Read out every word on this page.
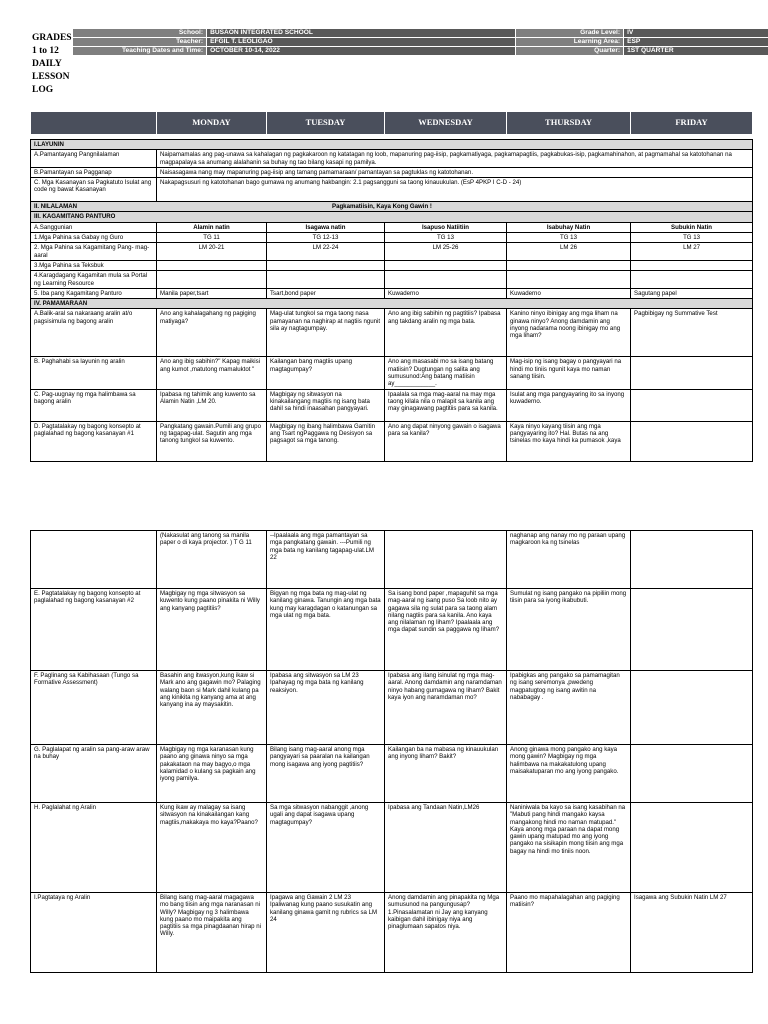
GRADES 1 to 12
DAILY LESSON LOG
School:	BUSAON INTEGRATED SCHOOL	Grade Level:	IV
Teacher:	EFGIL T. LEOLIGAO	Learning Area:	ESP
Teaching Dates and Time:	OCTOBER 10-14, 2022	Quarter:	1ST QUARTER
	MONDAY	TUESDAY	WEDNESDAY	THURSDAY	FRIDAY
I.LAYUNIN					
A.Pamantayang Pangnilalaman	Naipamamalas ang pag-unawa sa kahalagan ng pagkakaroon ng katatagan ng loob, mapanuring pag-iisip, pagkamatiyaga, pagkamapagtiis, pagkabukas-isip, pagkamahinahon, at pagmamahal sa katotohanan na magpapalaya sa anumang alalahanin sa buhay ng tao bilang kasapi ng pamilya.				
B.Pamantayan sa Pagganap	Naisasagawa nang may mapanuring pag-iisip ang tamang pamamaraan/ pamantayan sa pagtuklas ng katotohanan.				
C. Mga Kasanayan sa Pagkatuto Isulat ang code ng bawat Kasanayan	Nakapagsusuri ng katotohanan bago gumawa ng anumang hakbangin: 2.1 pagsangguni sa taong kinauukulan. (EsP 4PKP I C-D - 24)				
II. NILALAMAN Pagkamatiisin, Kaya Kong Gawin !					
III. KAGAMITANG PANTURO					
A.Sanggunian	Alamin natin	Isagawa natin	Isapuso Natiitiin	Isabuhay Natin	Subukin Natin
1.Mga Pahina sa Gabay ng Guro	TG 11	TG 12-13	TG 13	TG 13	TG 13
2. Mga Pahina sa Kagamitang Pang- mag-aaral	LM 20-21	LM 22-24	LM 25-26	LM 26	LM 27
3.Mga Pahina sa Teksbuk					
4.Karagdagang Kagamitan mula sa Portal ng Learning Resource					
5. Iba pang Kagamitang Panturo	Manila paper,tsart	Tsart,bond paper	Kuwaderno	Kuwaderno	Sagutang papel
IV. PAMAMARAAN					
A.Balik-aral sa nakaraang aralin at/o pagsisimula ng bagong aralin	Ano ang kahalagahang ng pagiging matiyaga?	Mag-ulat tungkol sa mga taong nasa pamayanan na naghirap at nagtiis ngunit sila ay nagtagumpay.	Ano ang ibig sabihin ng pagtitiis? Ipabasa ang takdang aralin ng mga bata.	Kanino ninyo ibinigay ang mga liham na ginawa ninyo? Anong damdamin ang inyong nadarama noong ibinigay mo ang mga liham?	Pagbibigay ng Summative Test
B. Paghahabi sa layunin ng aralin	Ano ang ibig sabihin?" Kapag maikisi ang kumot ,matutong mamaluktot "	Kailangan bang magtiis upang magtagumpay?	Ano ang masasabi mo sa isang batang matiisin? Dugtungan ng salita ang sumusunod:Ang batang matiisin ay____________.	Mag-isip ng isang bagay o pangyayari na hindi mo tiniis ngunit kaya mo naman sanang tiisin.	
C. Pag-uugnay ng mga halimbawa sa bagong aralin	Ipabasa ng tahimik ang kuwento sa Alamin Natin ,LM 20.	Magbigay ng sitwasyon na kinakailangang magtiis ng isang bata dahil sa hindi inaasahan pangyayari.	Ipaalala sa mga mag-aaral na may mga taong kilala nila o malapit sa kanila ang may ginagawang pagtitiis para sa kanila.	Isulat ang mga pangyayaring ito sa inyong kuwaderno.	
D. Pagtatalakay ng bagong konsepto at paglalahad ng bagong kasanayan #1	Pangkatang gawain.Pumili ang grupo ng tagapag-ulat. Sagutin ang mga tanong tungkol sa kuwento.	Magbigay ng ibang halimbawa Gamitin ang Tsart ngPaggawa ng Desisyon sa pagsagot sa mga tanong.	Ano ang dapat ninyong gawain o isagawa para sa kanila?	Kaya ninyo kayang tiisin ang mga pangyayaring ito? Hal. Butas na ang tsinelas mo kaya hindi ka pumasok ,kaya	
	(Nakasulat ang tanong sa manila paper o di kaya projector. ) T G 11	--Ipaalaala ang mga pamantayan sa mga pangkatang gawain. ---Pumili ng mga bata ng kanilang tagapag-ulat.LM 22		naghanap ang nanay mo ng paraan upang magkaroon ka ng tsinelas	
E. Pagtatalakay ng bagong konsepto at paglalahad ng bagong kasanayan #2	Magbigay ng mga sitwasyon sa kuwento kung paano pinakita ni Willy ang kanyang pagtitiis?	Bigyan ng mga bata ng mag-ulat ng kanilang ginawa. Tanungin ang mga bata kung may karagdagan o katanungan sa mga ulat ng mga bata.	Sa isang bond paper ,mapaguhit sa mga mag-aaral ng isang puso Sa loob nito ay gagawa sila ng sulat para sa taong alam nilang nagtiis para sa kanila. Ano kaya ang nilalaman ng liham? Ipaalaala ang mga dapat sundin sa paggawa ng liham?	Sumulat ng isang pangako na pipiliin mong tiisin para sa iyong ikabubuti.	
F. Paglinang sa Kabihasaan (Tungo sa Formative Assessment)	Basahin ang itwasyon,kung ikaw si Mark ano ang gagawin mo? Palaging walang baon si Mark dahil kulang pa ang kinikita ng kanyang ama at ang kanyang ina ay maysakitin.	Ipabasa ang sitwasyon sa LM 23 Ipahayag ng mga bata ng kanilang reaksiyon.	Ipabasa ang ilang isinulat ng mga mag-aaral. Anong damdamin ang naramdaman ninyo habang gumagawa ng liham? Bakit kaya iyon ang naramdaman mo?	Ipabigkas ang pangako sa pamamagitan ng isang seremonya ,pwedeng magpatugtog ng isang awitin na nababagay .	
G. Paglalapat ng aralin sa pang-araw araw na buhay	Magbigay ng mga karanasan kung paano ang ginawa ninyo sa mga pakakataon na may bagyo,o mga kalamidad o kulang sa pagkain ang iyong pamilya.	Bilang isang mag-aaral anong mga pangyayari sa paaralan na kailangan mong isagawa ang iyong pagtitiis?	Kailangan ba na mabasa ng kinauukulan ang inyong liham? Bakit?	Anong ginawa mong pangako ang kaya mong gawin? Magbigay ng mga halimbawa na makakatulong upang maisakatuparan mo ang iyong pangako.	
H. Paglalahat ng Aralin	Kung ikaw ay malagay sa isang sitwasyon na kinakailangan kang magtiis,makakaya mo kaya?Paano?	Sa mga sitwasyon nabanggit ,anong ugali ang dapat isagawa upang magtagumpay?	Ipabasa ang Tandaan Natin,LM26	Naniniwala ba kayo sa isang kasabihan na "Mabuti pang hindi mangako kaysa mangakong hindi mo naman matupad." Kaya anong mga paraan na dapat mong gawin upang matupad mo ang iyong pangako na sisikapin mong tiisin ang mga bagay na hindi mo tiniis noon.	
I.Pagtataya ng Aralin	Bilang isang mag-aaral magagawa mo bang tiisin ang mga naranasan ni Willy? Magbigay ng 3 halimbawa kung paano mo maipakita ang pagtitiis sa mga pinagdaanan hirap ni Willy.	Ipagawa ang Gawain 2 LM 23 Ipaliwanag kung paano susukatin ang kanilang ginawa gamit ng rubrics sa LM 24	Anong damdamin ang pinapakita ng Mga sumusunod na pangungusap? 1.Pinasalamatan ni Jay ang kanyang kaibigan dahil ibinigay niya ang pinaglumaan sapatos niya.	Paano mo mapahalagahan ang pagiging matiisin?	Isagawa ang Subukin Natin LM 27
